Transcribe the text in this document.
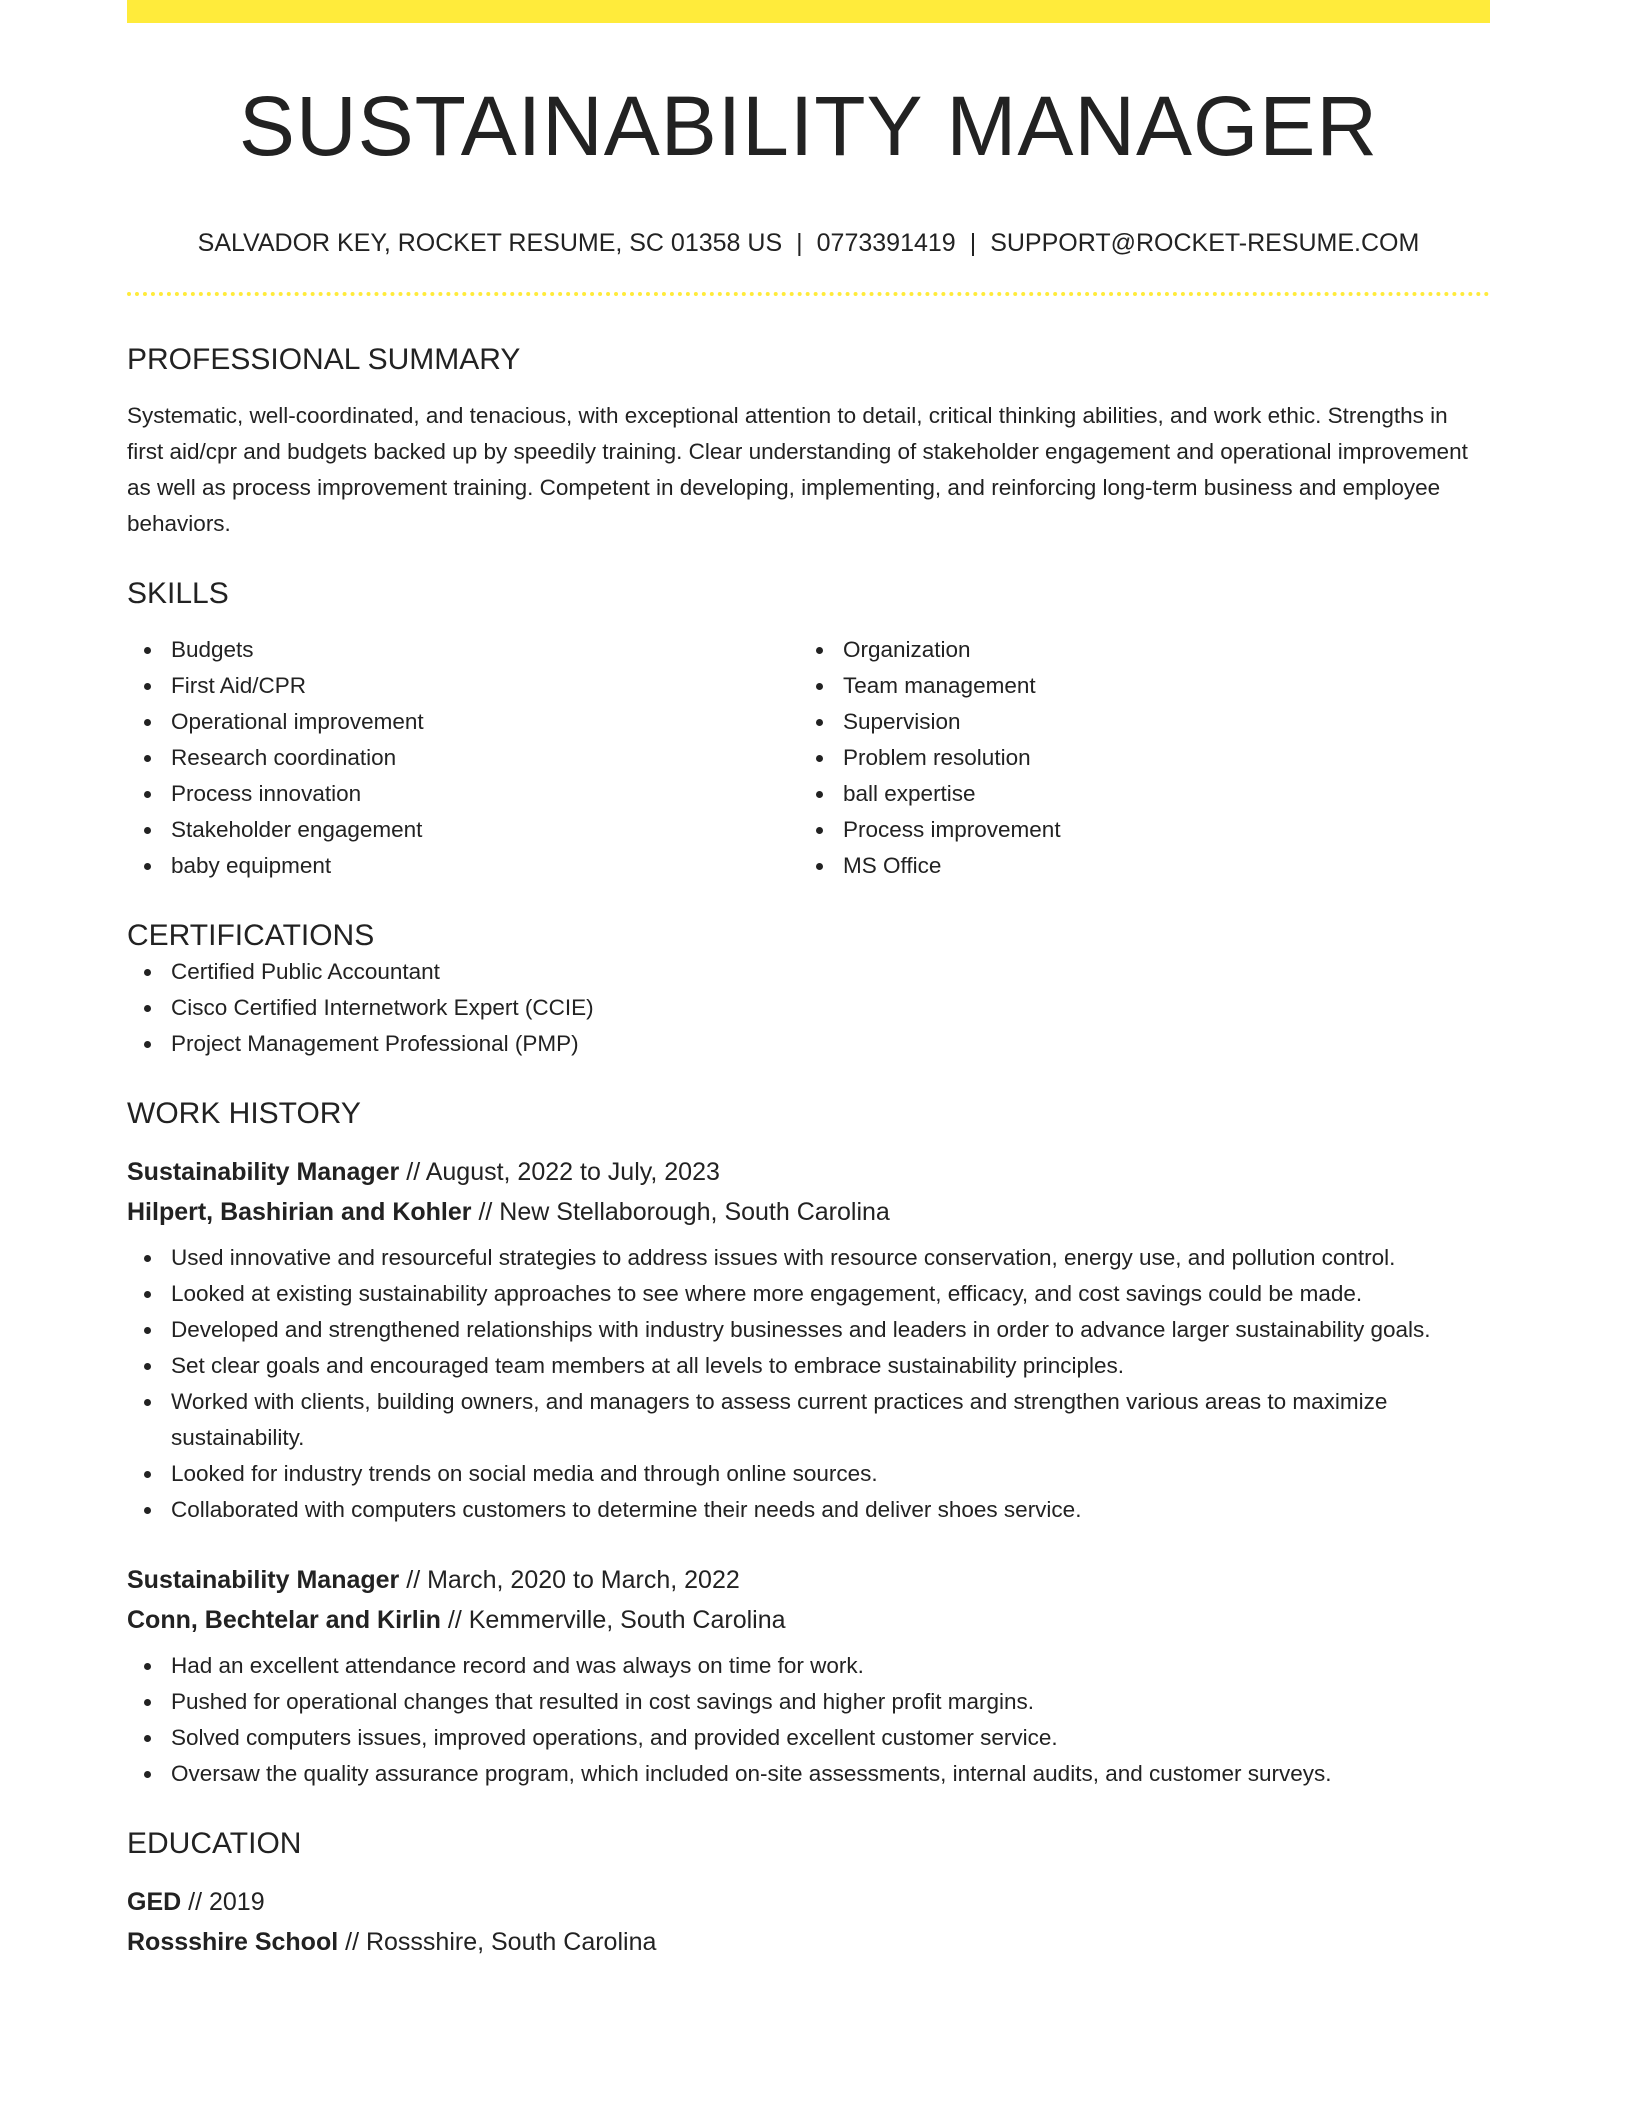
SUSTAINABILITY MANAGER
SALVADOR KEY, ROCKET RESUME, SC 01358 US | 0773391419 | SUPPORT@ROCKET-RESUME.COM
PROFESSIONAL SUMMARY
Systematic, well-coordinated, and tenacious, with exceptional attention to detail, critical thinking abilities, and work ethic. Strengths in first aid/cpr and budgets backed up by speedily training. Clear understanding of stakeholder engagement and operational improvement as well as process improvement training. Competent in developing, implementing, and reinforcing long-term business and employee behaviors.
SKILLS
Budgets
First Aid/CPR
Operational improvement
Research coordination
Process innovation
Stakeholder engagement
baby equipment
Organization
Team management
Supervision
Problem resolution
ball expertise
Process improvement
MS Office
CERTIFICATIONS
Certified Public Accountant
Cisco Certified Internetwork Expert (CCIE)
Project Management Professional (PMP)
WORK HISTORY
Sustainability Manager // August, 2022 to July, 2023
Hilpert, Bashirian and Kohler // New Stellaborough, South Carolina
Used innovative and resourceful strategies to address issues with resource conservation, energy use, and pollution control.
Looked at existing sustainability approaches to see where more engagement, efficacy, and cost savings could be made.
Developed and strengthened relationships with industry businesses and leaders in order to advance larger sustainability goals.
Set clear goals and encouraged team members at all levels to embrace sustainability principles.
Worked with clients, building owners, and managers to assess current practices and strengthen various areas to maximize sustainability.
Looked for industry trends on social media and through online sources.
Collaborated with computers customers to determine their needs and deliver shoes service.
Sustainability Manager // March, 2020 to March, 2022
Conn, Bechtelar and Kirlin // Kemmerville, South Carolina
Had an excellent attendance record and was always on time for work.
Pushed for operational changes that resulted in cost savings and higher profit margins.
Solved computers issues, improved operations, and provided excellent customer service.
Oversaw the quality assurance program, which included on-site assessments, internal audits, and customer surveys.
EDUCATION
GED // 2019
Rossshire School // Rossshire, South Carolina
